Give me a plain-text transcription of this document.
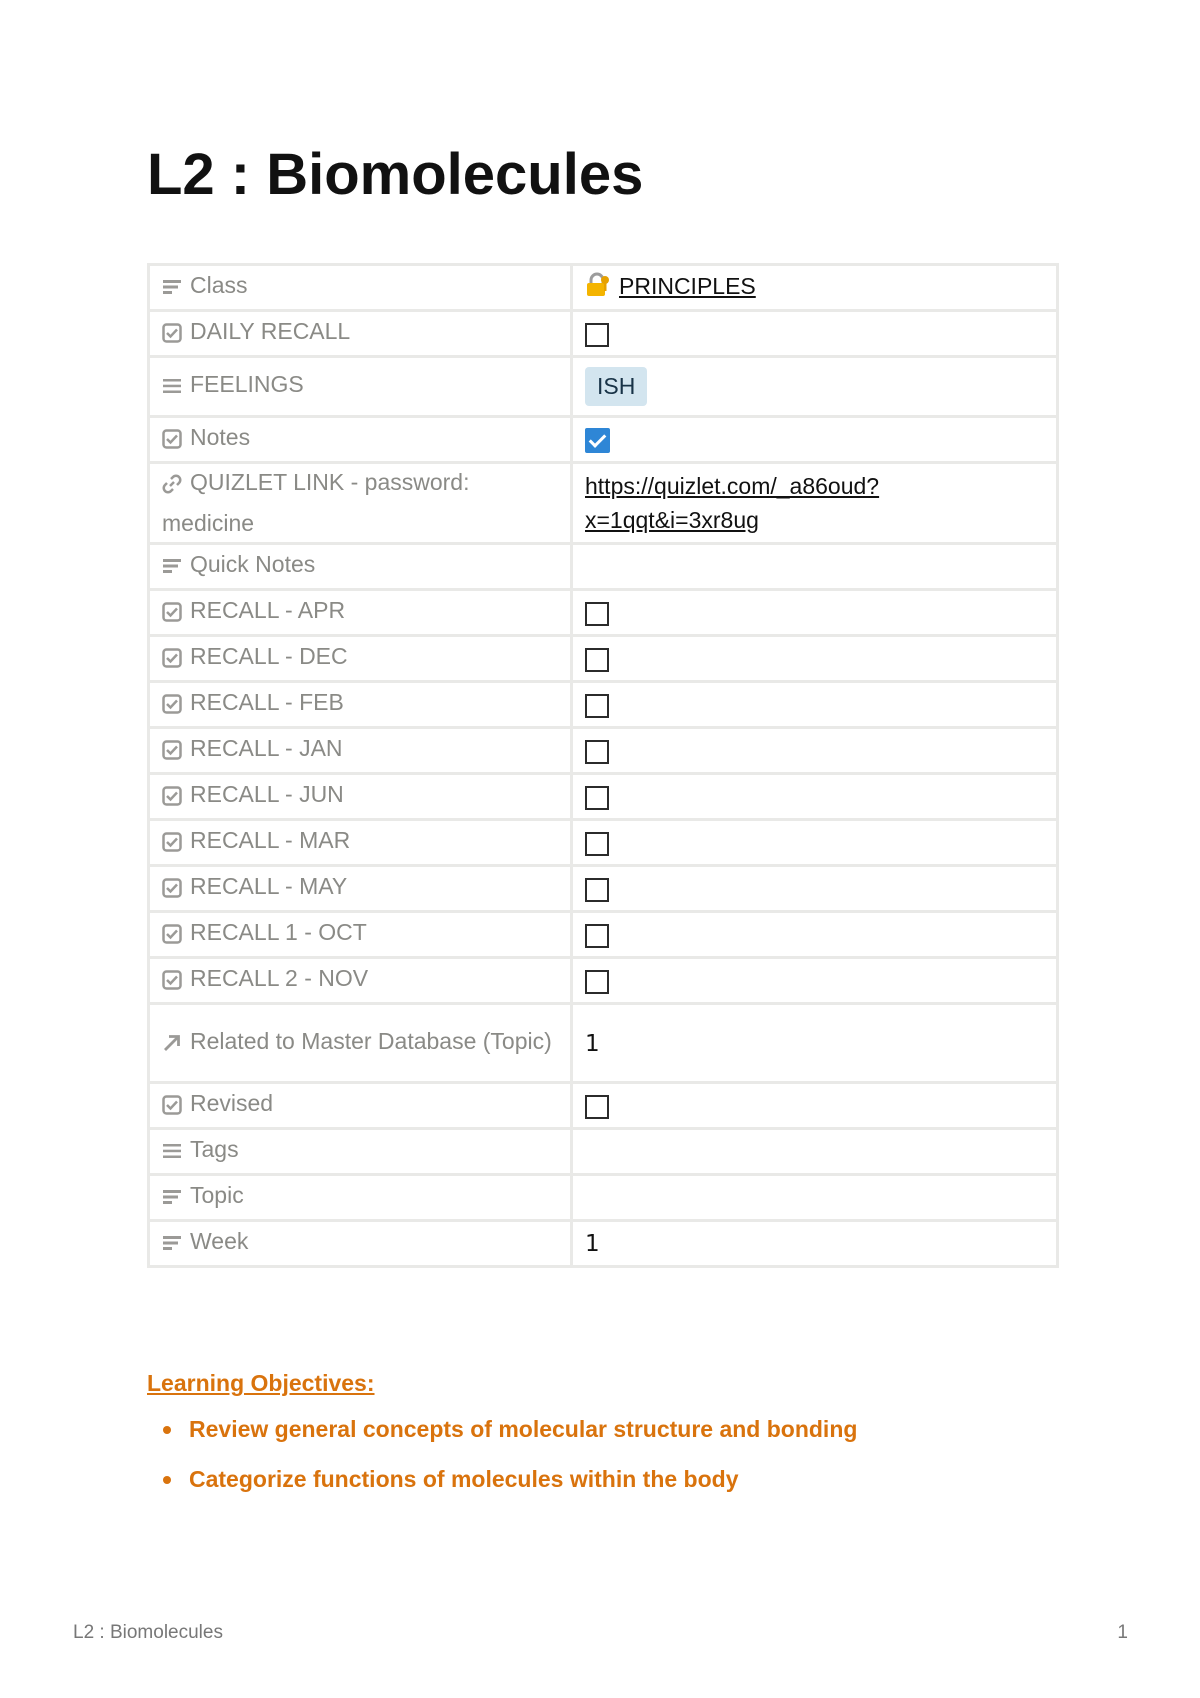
L2 : Biomolecules
Class	PRINCIPLES
DAILY RECALL	
FEELINGS	ISH
Notes	
QUIZLET LINK - password: medicine	https://quizlet.com/_a86oud?
x=1qqt&i=3xr8ug
Quick Notes	
RECALL - APR	
RECALL - DEC	
RECALL - FEB	
RECALL - JAN	
RECALL - JUN	
RECALL - MAR	
RECALL - MAY	
RECALL 1 - OCT	
RECALL 2 - NOV	
Related to Master Database (Topic)	1
Revised	
Tags	
Topic	
Week	1
Learning Objectives:
Review general concepts of molecular structure and bonding
Categorize functions of molecules within the body
L2 : Biomolecules	1
